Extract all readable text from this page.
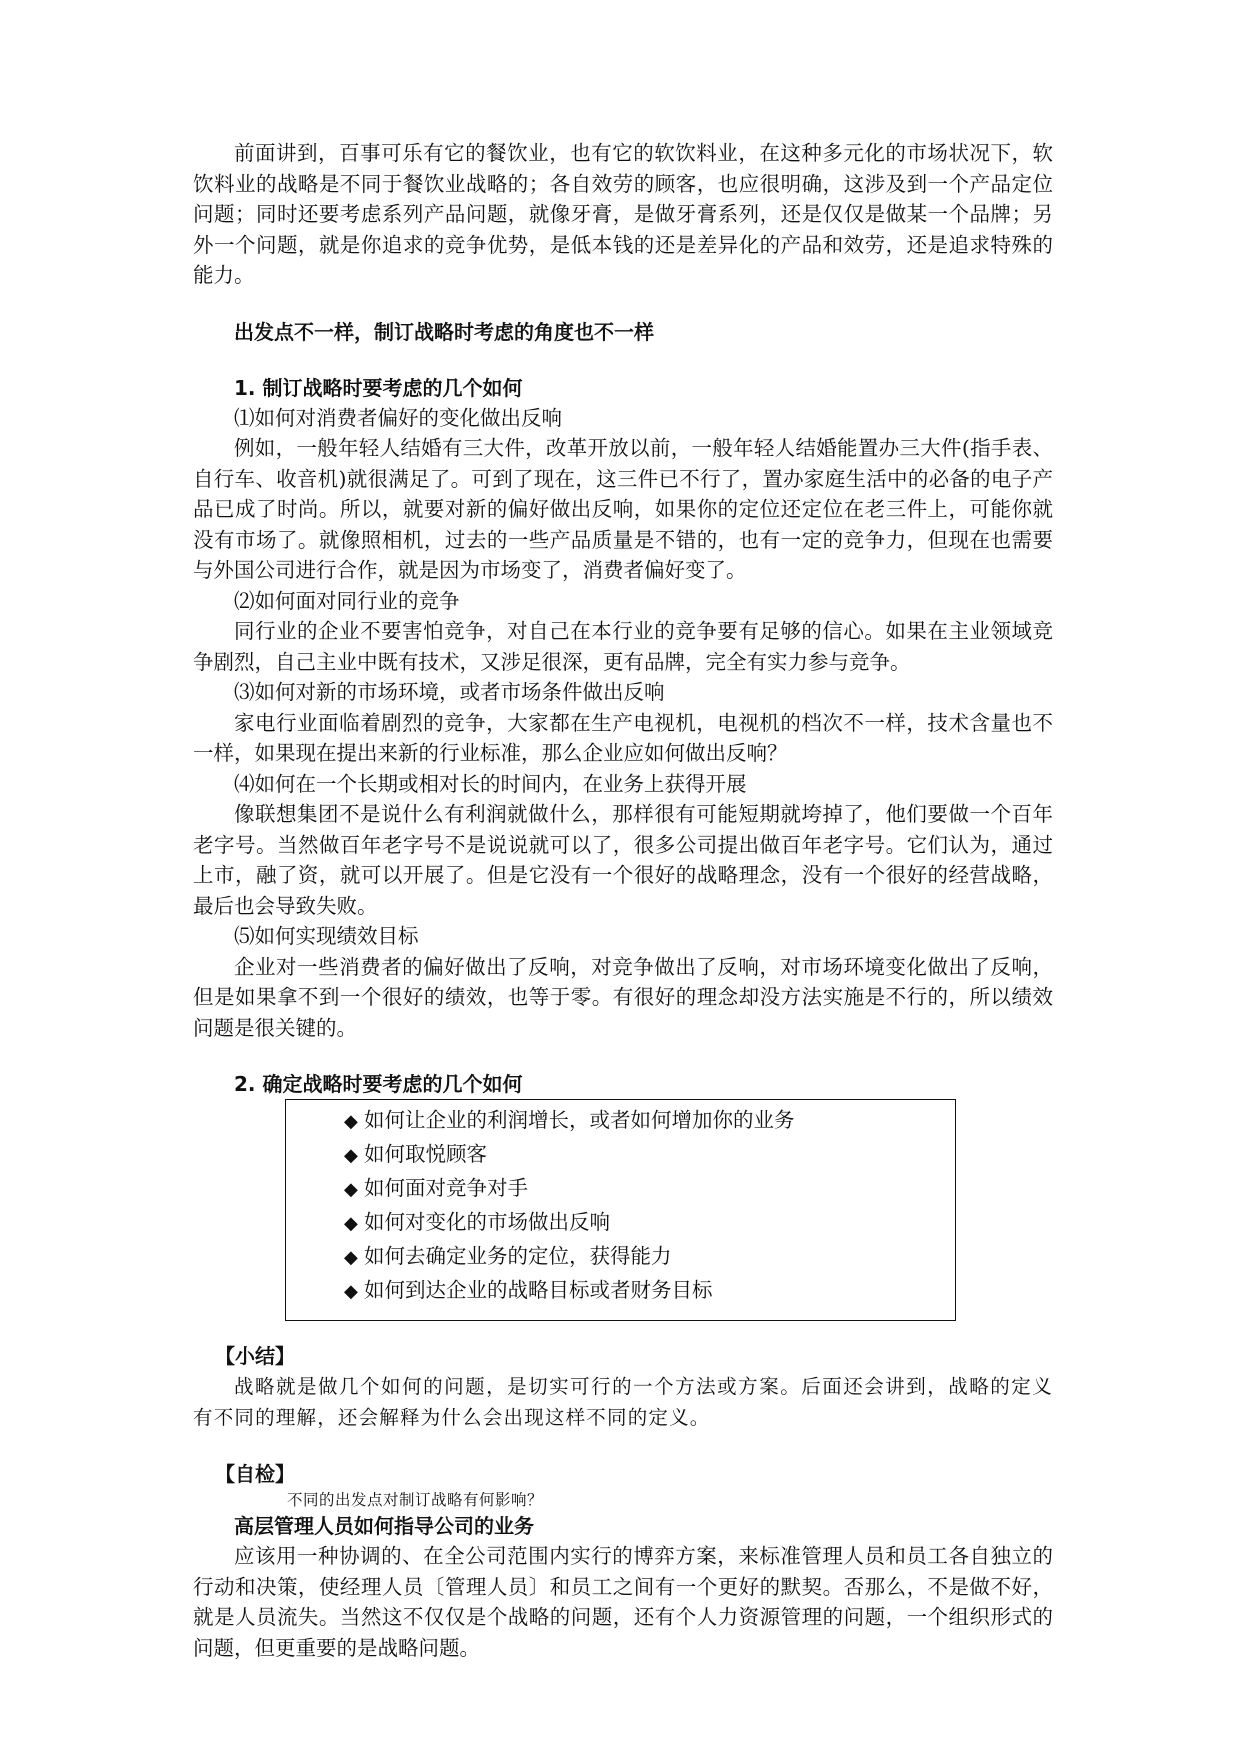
前面讲到，百事可乐有它的餐饮业，也有它的软饮料业，在这种多元化的市场状况下，软饮料业的战略是不同于餐饮业战略的；各自效劳的顾客，也应很明确，这涉及到一个产品定位问题；同时还要考虑系列产品问题，就像牙膏，是做牙膏系列，还是仅仅是做某一个品牌；另外一个问题，就是你追求的竞争优势，是低本钱的还是差异化的产品和效劳，还是追求特殊的能力。

出发点不一样，制订战略时考虑的角度也不一样

1. 制订战略时要考虑的几个如何

⑴如何对消费者偏好的变化做出反响

例如，一般年轻人结婚有三大件，改革开放以前，一般年轻人结婚能置办三大件(指手表、自行车、收音机)就很满足了。可到了现在，这三件已不行了，置办家庭生活中的必备的电子产品已成了时尚。所以，就要对新的偏好做出反响，如果你的定位还定位在老三件上，可能你就没有市场了。就像照相机，过去的一些产品质量是不错的，也有一定的竞争力，但现在也需要与外国公司进行合作，就是因为市场变了，消费者偏好变了。

⑵如何面对同行业的竞争

同行业的企业不要害怕竞争，对自己在本行业的竞争要有足够的信心。如果在主业领域竞争剧烈，自己主业中既有技术，又涉足很深，更有品牌，完全有实力参与竞争。

⑶如何对新的市场环境，或者市场条件做出反响

家电行业面临着剧烈的竞争，大家都在生产电视机，电视机的档次不一样，技术含量也不一样，如果现在提出来新的行业标准，那么企业应如何做出反响？

⑷如何在一个长期或相对长的时间内，在业务上获得开展

像联想集团不是说什么有利润就做什么，那样很有可能短期就垮掉了，他们要做一个百年老字号。当然做百年老字号不是说说就可以了，很多公司提出做百年老字号。它们认为，通过上市，融了资，就可以开展了。但是它没有一个很好的战略理念，没有一个很好的经营战略，最后也会导致失败。

⑸如何实现绩效目标

企业对一些消费者的偏好做出了反响，对竞争做出了反响，对市场环境变化做出了反响，但是如果拿不到一个很好的绩效，也等于零。有很好的理念却没方法实施是不行的，所以绩效问题是很关键的。

2. 确定战略时要考虑的几个如何

◆ 如何让企业的利润增长，或者如何增加你的业务

◆ 如何取悦顾客

◆ 如何面对竞争对手

◆ 如何对变化的市场做出反响

◆ 如何去确定业务的定位，获得能力

◆ 如何到达企业的战略目标或者财务目标

【小结】

战略就是做几个如何的问题，是切实可行的一个方法或方案。后面还会讲到，战略的定义有不同的理解，还会解释为什么会出现这样不同的定义。

【自检】

不同的出发点对制订战略有何影响？

高层管理人员如何指导公司的业务

应该用一种协调的、在全公司范围内实行的博弈方案，来标准管理人员和员工各自独立的行动和决策，使经理人员〔管理人员〕和员工之间有一个更好的默契。否那么，不是做不好，就是人员流失。当然这不仅仅是个战略的问题，还有个人力资源管理的问题，一个组织形式的问题，但更重要的是战略问题。
